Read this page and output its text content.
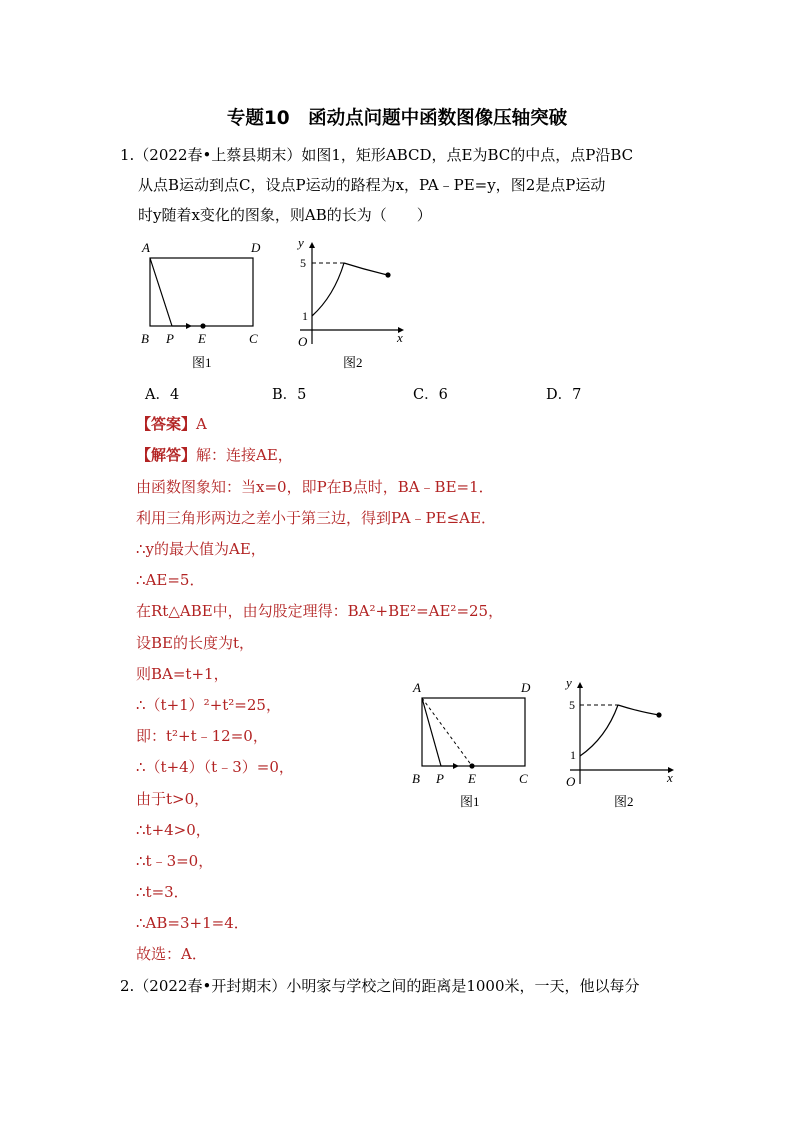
专题10　函动点问题中函数图像压轴突破
1.（2022春•上蔡县期末）如图1，矩形ABCD，点E为BC的中点，点P沿BC
从点B运动到点C，设点P运动的路程为x，PA﹣PE=y，图2是点P运动
时y随着x变化的图象，则AB的长为（　　）
A	D
B P E	C
图1
y
5
1
O	x
图2
A．4	B．5	C．6	D．7
【答案】A
【解答】解：连接AE，
由函数图象知：当x=0，即P在B点时，BA﹣BE=1．
利用三角形两边之差小于第三边，得到PA﹣PE≤AE．
∴y的最大值为AE，
∴AE=5．
在Rt△ABE中，由勾股定理得：BA²+BE²=AE²=25，
设BE的长度为t，
则BA=t+1，
∴（t+1）²+t²=25，
即：t²+t﹣12=0，
∴（t+4）（t﹣3）=0，
由于t>0，
∴t+4>0，
∴t﹣3=0，
∴t=3．
∴AB=3+1=4．
故选：A．
A	D
B P E	C
图1
y
5
1
O	x
图2
2.（2022春•开封期末）小明家与学校之间的距离是1000米，一天，他以每分
